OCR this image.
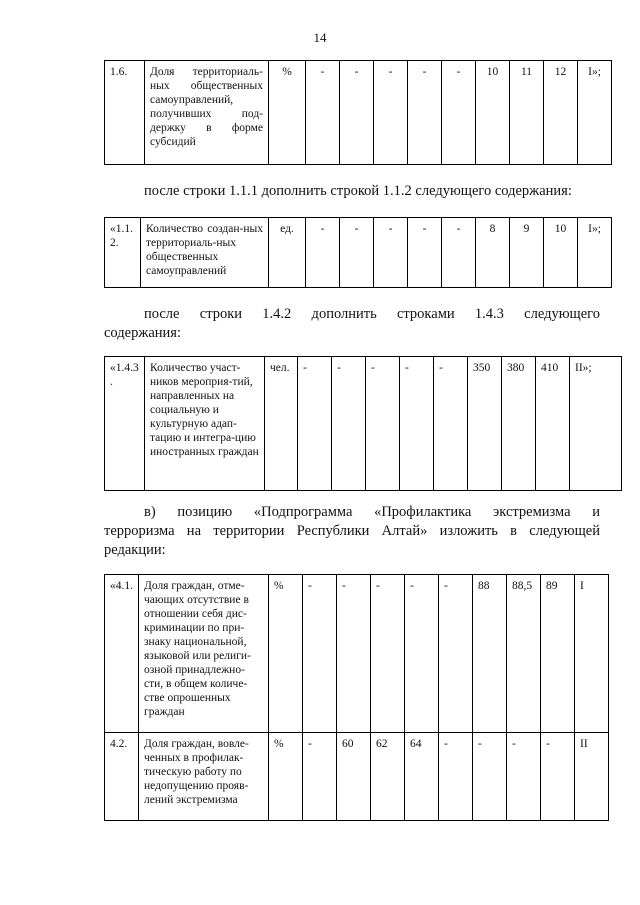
14
1.6.	Доля территориаль-ных общественных самоуправлений, получивших под-держку в форме субсидий	%	-	-	-	-	-	10	11	12	I»;
после строки 1.1.1 дополнить строкой 1.1.2 следующего содержания:
«1.1.2.	Количество создан-ных территориаль-ных общественных самоуправлений	ед.	-	-	-	-	-	8	9	10	I»;
после строки 1.4.2 дополнить строками 1.4.3 следующего
содержания:
«1.4.3.	Количество участ-ников мероприя-тий, направленных на социальную и культурную адап-тацию и интегра-цию иностранных граждан	чел.	-	-	-	-	-	350	380	410	II»;
в) позицию «Подпрограмма «Профилактика экстремизма и
терроризма на территории Республики Алтай» изложить в следующей
редакции:
«4.1.	Доля граждан, отме-чающих отсутствие в отношении себя дис-криминации по при-знаку национальной, языковой или религи-озной принадлежно-сти, в общем количе-стве опрошенных граждан	%	-	-	-	-	-	88	88,5	89	I
4.2.	Доля граждан, вовле-ченных в профилак-тическую работу по недопущению прояв-лений экстремизма	%	-	60	62	64	-	-	-	-	II
